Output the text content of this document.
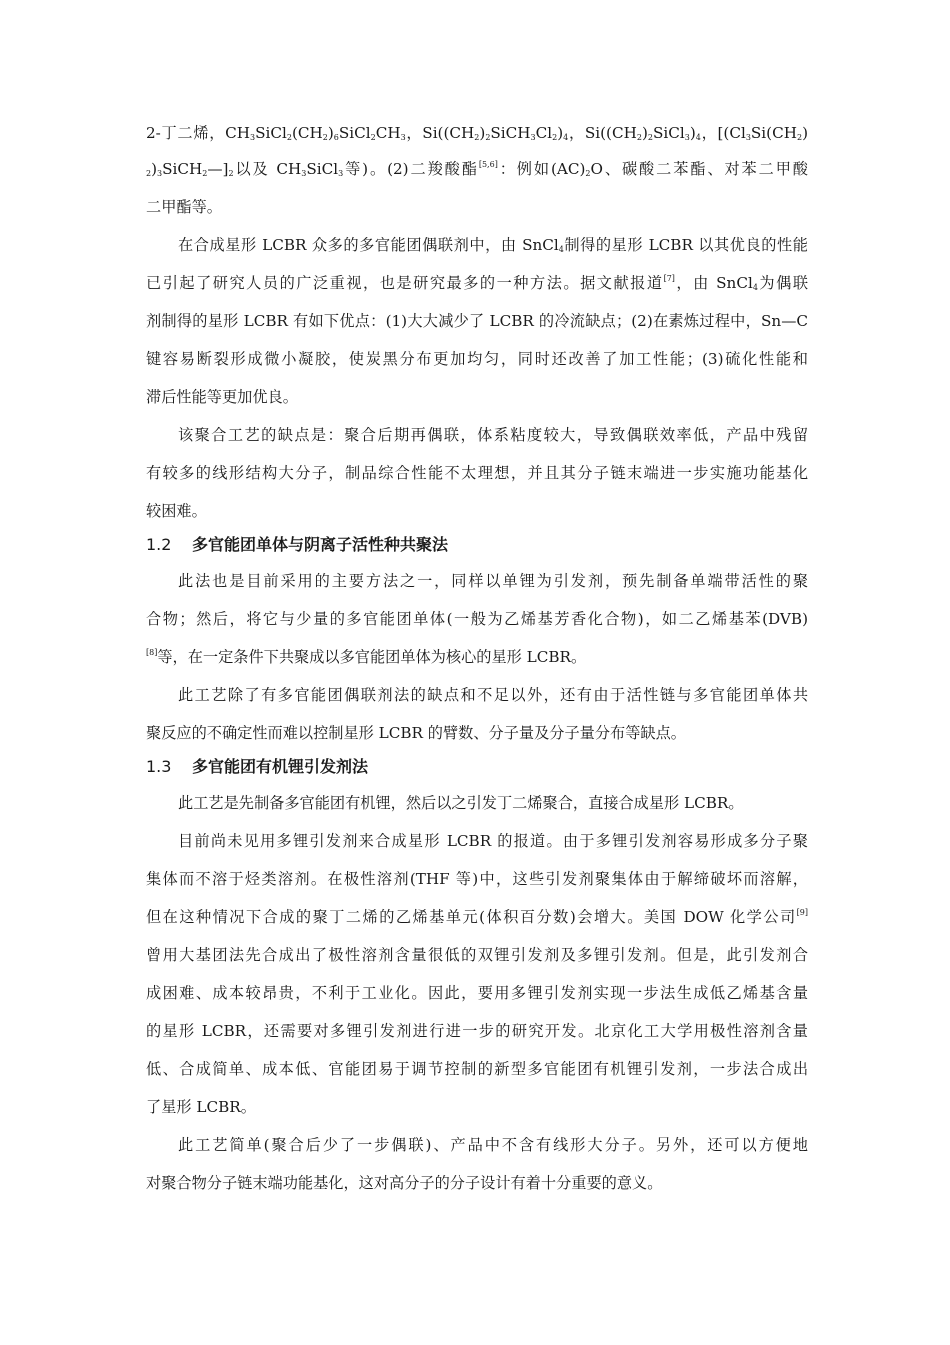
2-丁二烯，$CH_3SiCl_2(CH_2)_6SiCl_2CH_3$，$Si((CH_2)_2SiCH_3Cl_2)_4$，$Si((CH_2)_2SiCl_3)_4$，[($Cl_3Si(CH_2)$
$_2)_3SiCH_2—]_2$以及 $CH_3SiCl_3$等)。(2)二羧酸酯[5,6]：例如$(AC)_2O$、碳酸二苯酯、对苯二甲酸
二甲酯等。
在合成星形 LCBR 众多的多官能团偶联剂中，由 SnCl$_4$制得的星形 LCBR 以其优良的性能
已引起了研究人员的广泛重视，也是研究最多的一种方法。据文献报道[7]，由 SnCl$_4$为偶联
剂制得的星形 LCBR 有如下优点：(1)大大减少了 LCBR 的冷流缺点；(2)在素炼过程中，Sn—C
键容易断裂形成微小凝胶，使炭黑分布更加均匀，同时还改善了加工性能；(3)硫化性能和
滞后性能等更加优良。
该聚合工艺的缺点是：聚合后期再偶联，体系粘度较大，导致偶联效率低，产品中残留
有较多的线形结构大分子，制品综合性能不太理想，并且其分子链末端进一步实施功能基化
较困难。
1.2 多官能团单体与阴离子活性种共聚法
此法也是目前采用的主要方法之一，同样以单锂为引发剂，预先制备单端带活性的聚
合物；然后，将它与少量的多官能团单体(一般为乙烯基芳香化合物)，如二乙烯基苯(DVB)
[8]等，在一定条件下共聚成以多官能团单体为核心的星形 LCBR。
此工艺除了有多官能团偶联剂法的缺点和不足以外，还有由于活性链与多官能团单体共
聚反应的不确定性而难以控制星形 LCBR 的臂数、分子量及分子量分布等缺点。
1.3 多官能团有机锂引发剂法
此工艺是先制备多官能团有机锂，然后以之引发丁二烯聚合，直接合成星形 LCBR。
目前尚未见用多锂引发剂来合成星形 LCBR 的报道。由于多锂引发剂容易形成多分子聚
集体而不溶于烃类溶剂。在极性溶剂(THF 等)中，这些引发剂聚集体由于解缔破坏而溶解，
但在这种情况下合成的聚丁二烯的乙烯基单元(体积百分数)会增大。美国 DOW 化学公司[9]
曾用大基团法先合成出了极性溶剂含量很低的双锂引发剂及多锂引发剂。但是，此引发剂合
成困难、成本较昂贵，不利于工业化。因此，要用多锂引发剂实现一步法生成低乙烯基含量
的星形 LCBR，还需要对多锂引发剂进行进一步的研究开发。北京化工大学用极性溶剂含量
低、合成简单、成本低、官能团易于调节控制的新型多官能团有机锂引发剂，一步法合成出
了星形 LCBR。
此工艺简单(聚合后少了一步偶联)、产品中不含有线形大分子。另外，还可以方便地
对聚合物分子链末端功能基化，这对高分子的分子设计有着十分重要的意义。
